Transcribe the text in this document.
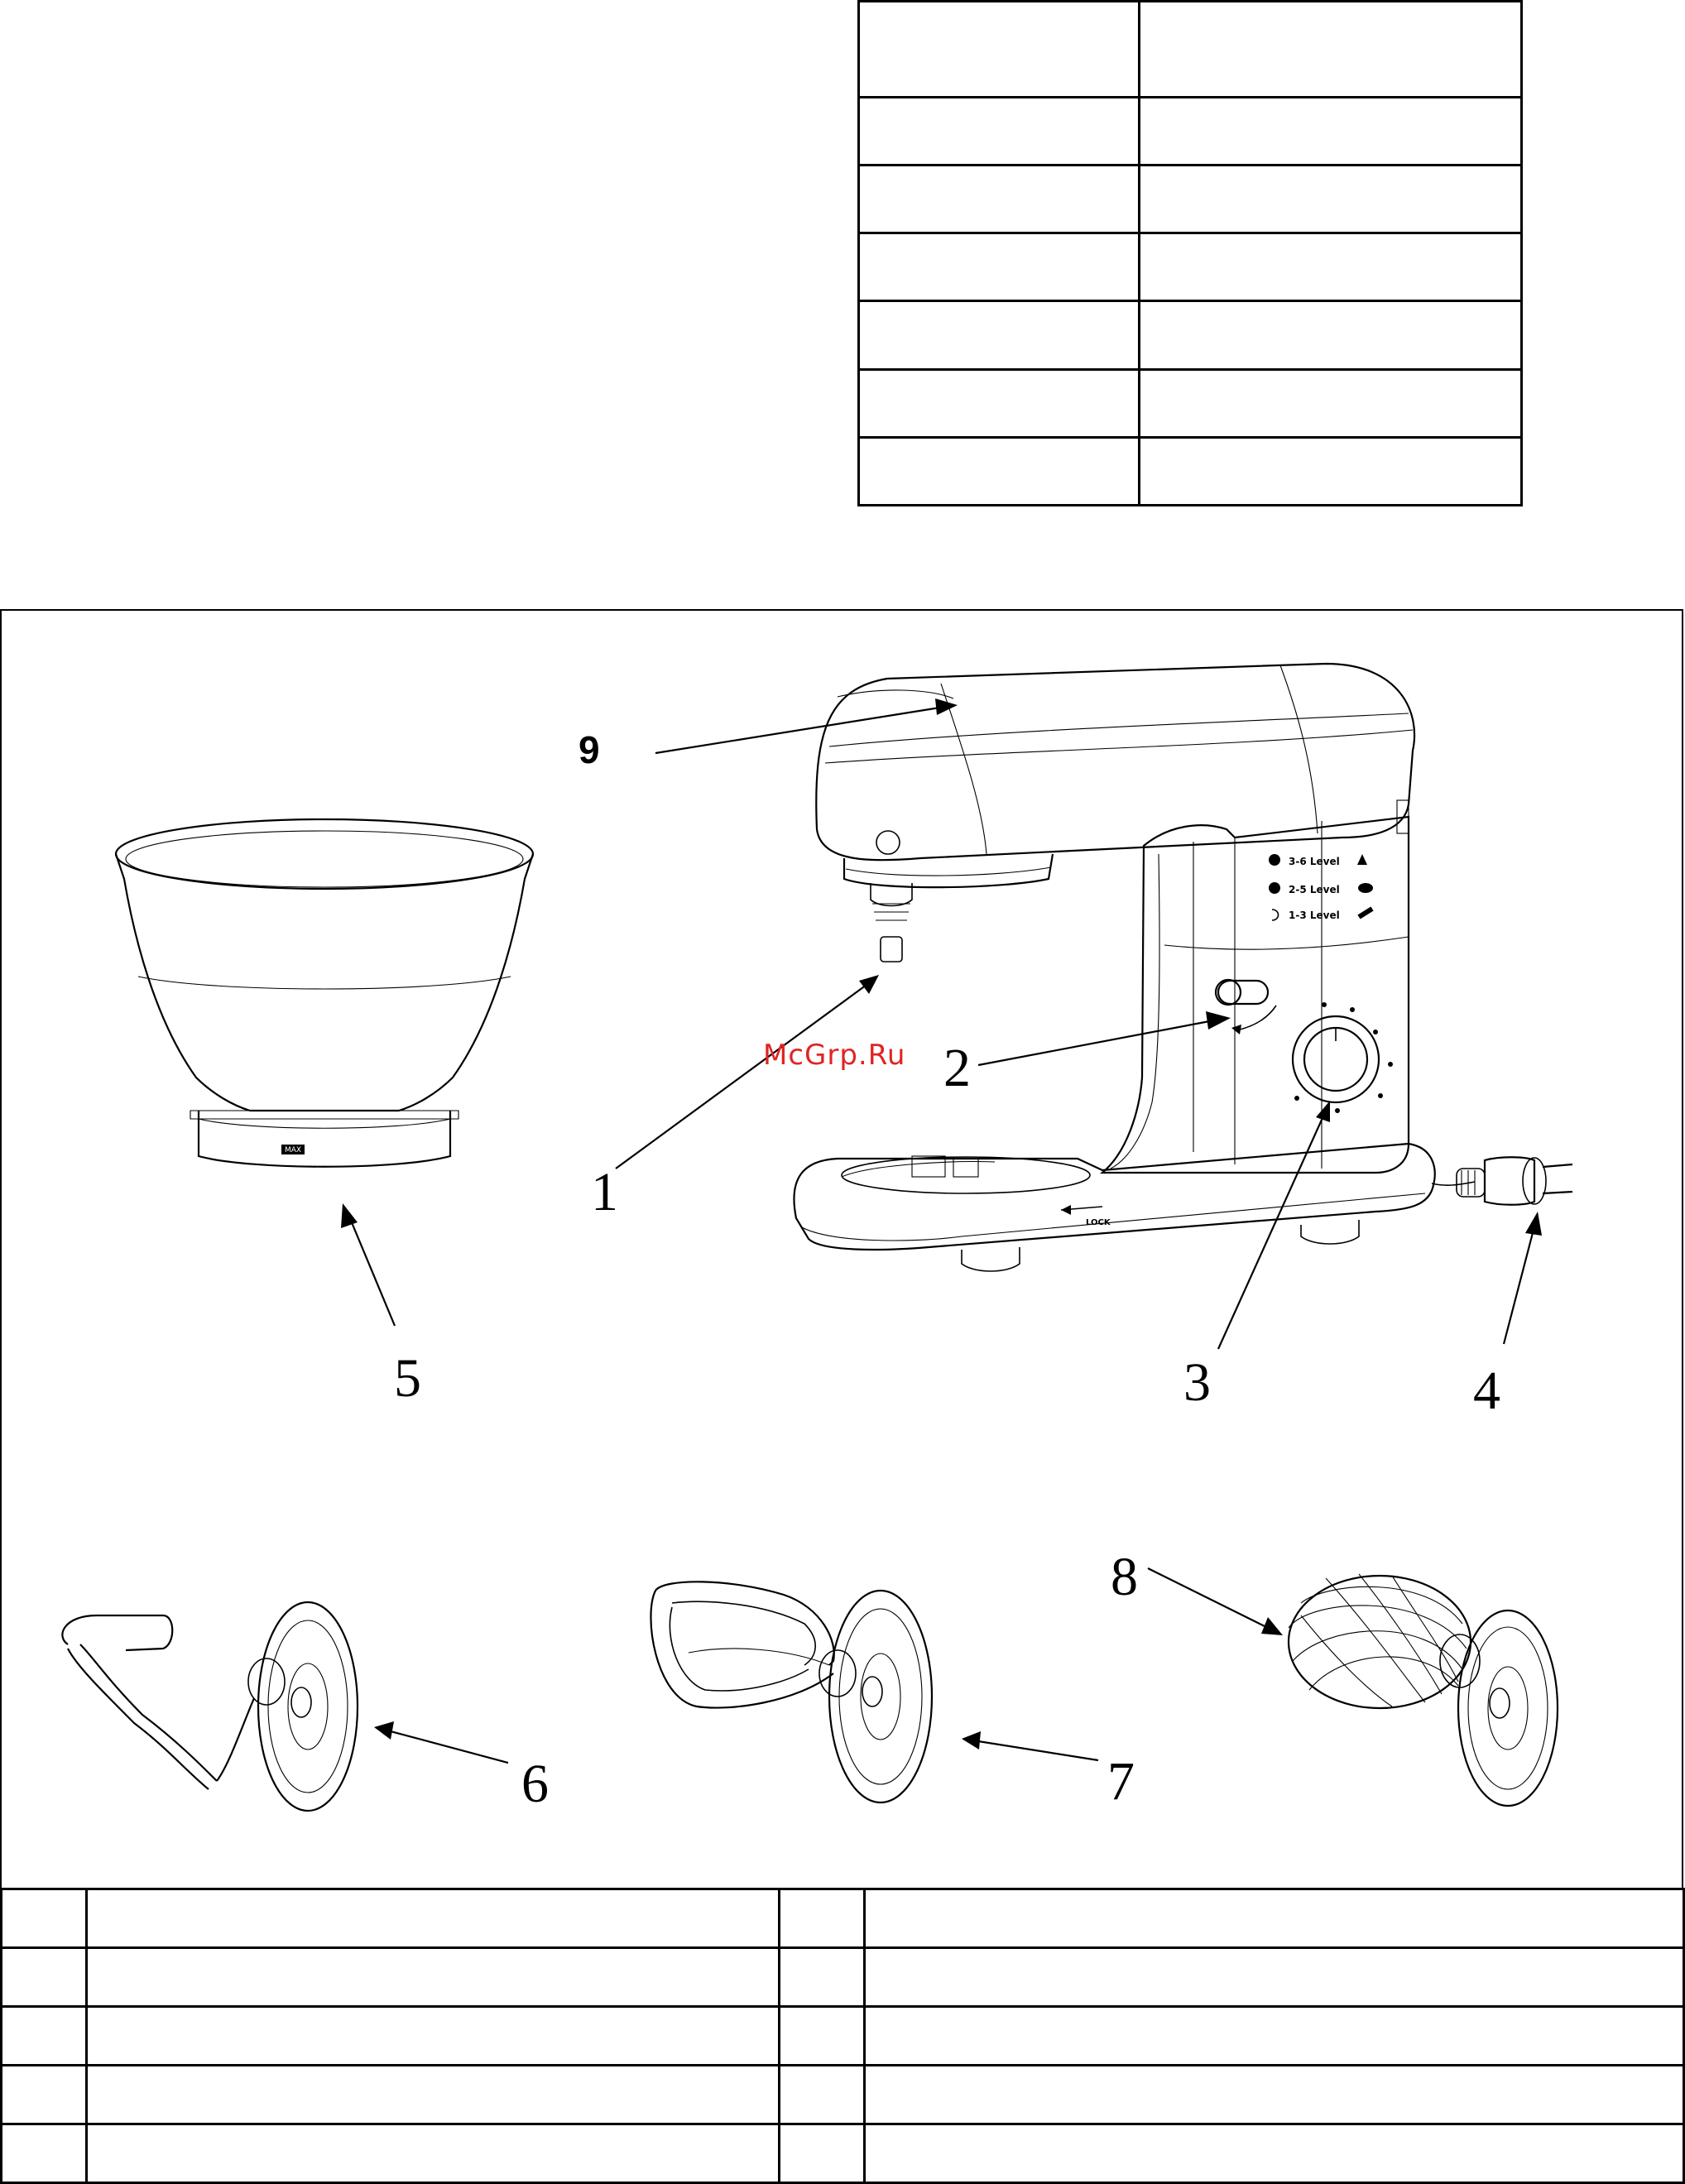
MAX
3-6 Level
2-5 Level
1-3 Level
LOCK
9
1
2
3	4
5
6	7
8
McGrp.Ru
